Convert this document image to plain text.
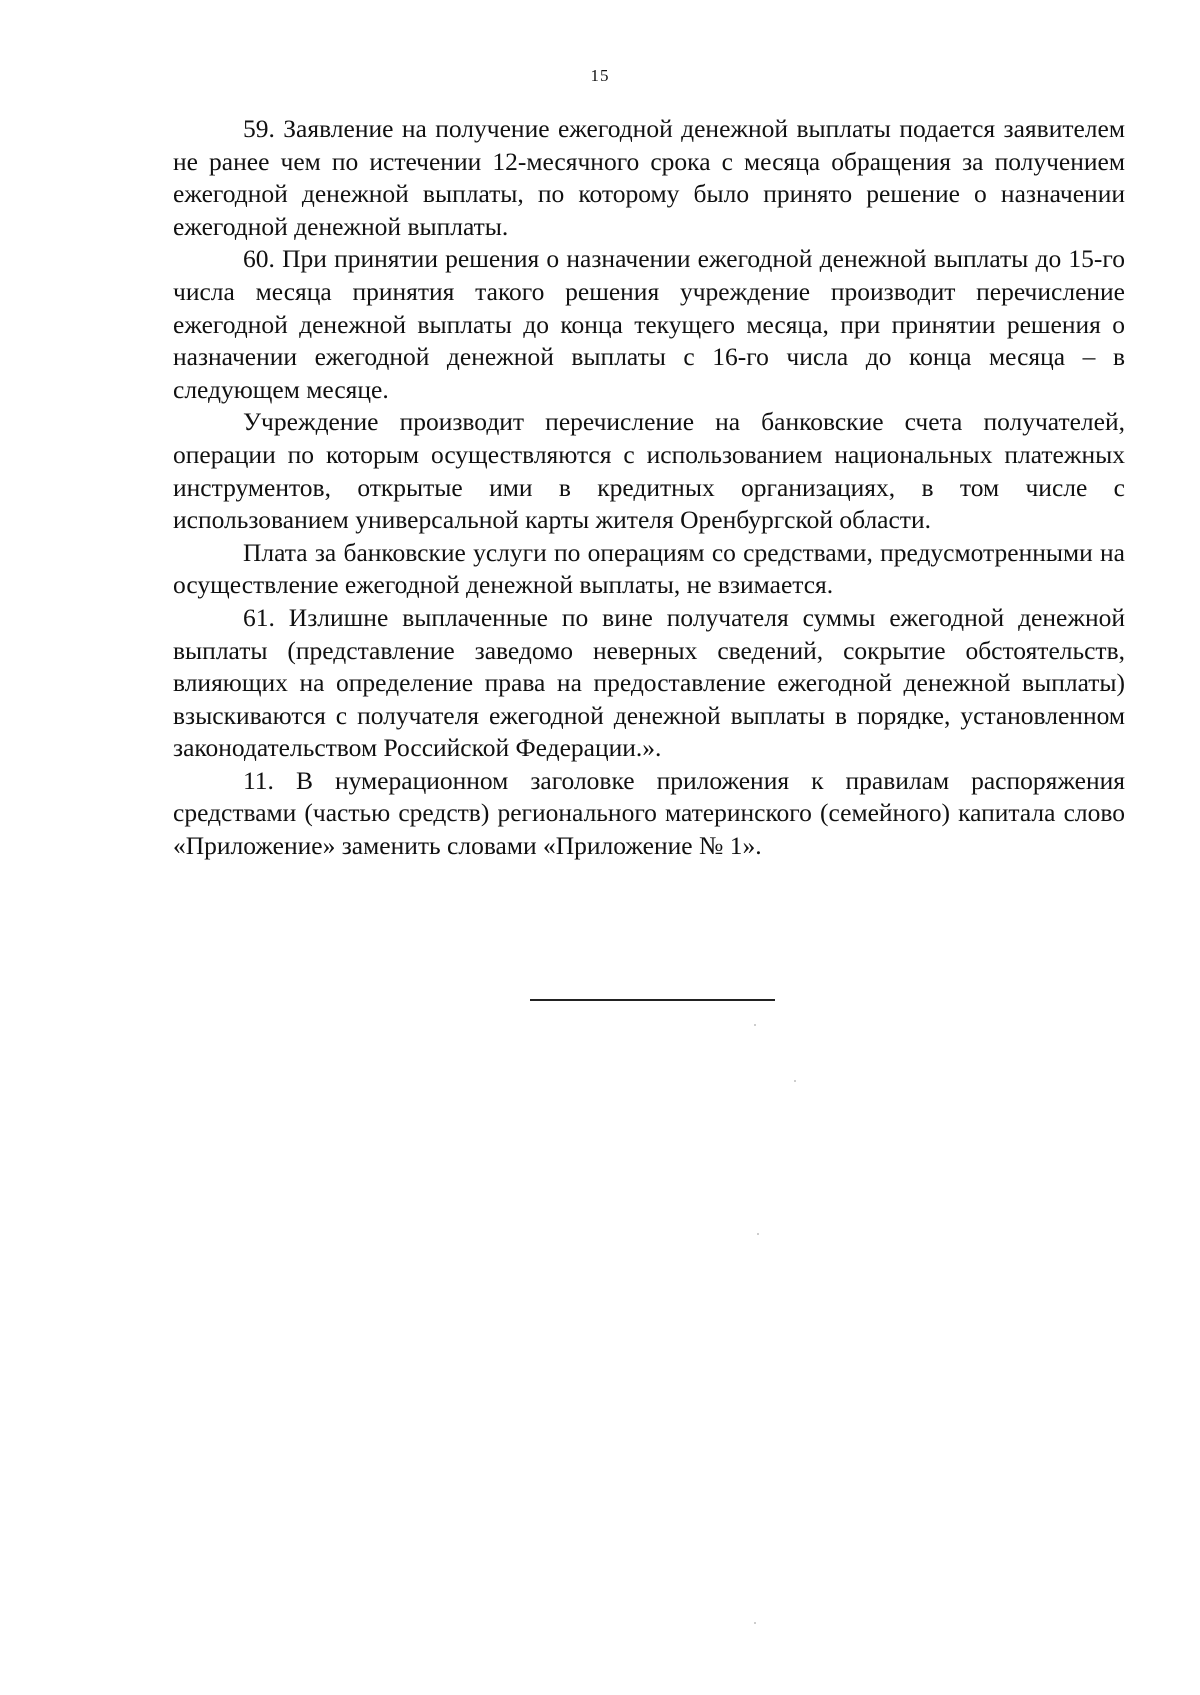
15

59. Заявление на получение ежегодной денежной выплаты подается заявителем не ранее чем по истечении 12-месячного срока с месяца обращения за получением ежегодной денежной выплаты, по которому было принято решение о назначении ежегодной денежной выплаты.

60. При принятии решения о назначении ежегодной денежной выплаты до 15-го числа месяца принятия такого решения учреждение производит перечисление ежегодной денежной выплаты до конца текущего месяца, при принятии решения о назначении ежегодной денежной выплаты с 16-го числа до конца месяца – в следующем месяце.

Учреждение производит перечисление на банковские счета получателей, операции по которым осуществляются с использованием национальных платежных инструментов, открытые ими в кредитных организациях, в том числе с использованием универсальной карты жителя Оренбургской области.

Плата за банковские услуги по операциям со средствами, предусмотренными на осуществление ежегодной денежной выплаты, не взимается.

61. Излишне выплаченные по вине получателя суммы ежегодной денежной выплаты (представление заведомо неверных сведений, сокрытие обстоятельств, влияющих на определение права на предоставление ежегодной денежной выплаты) взыскиваются с получателя ежегодной денежной выплаты в порядке, установленном законодательством Российской Федерации.».

11. В нумерационном заголовке приложения к правилам распоряжения средствами (частью средств) регионального материнского (семейного) капитала слово «Приложение» заменить словами «Приложение № 1».
